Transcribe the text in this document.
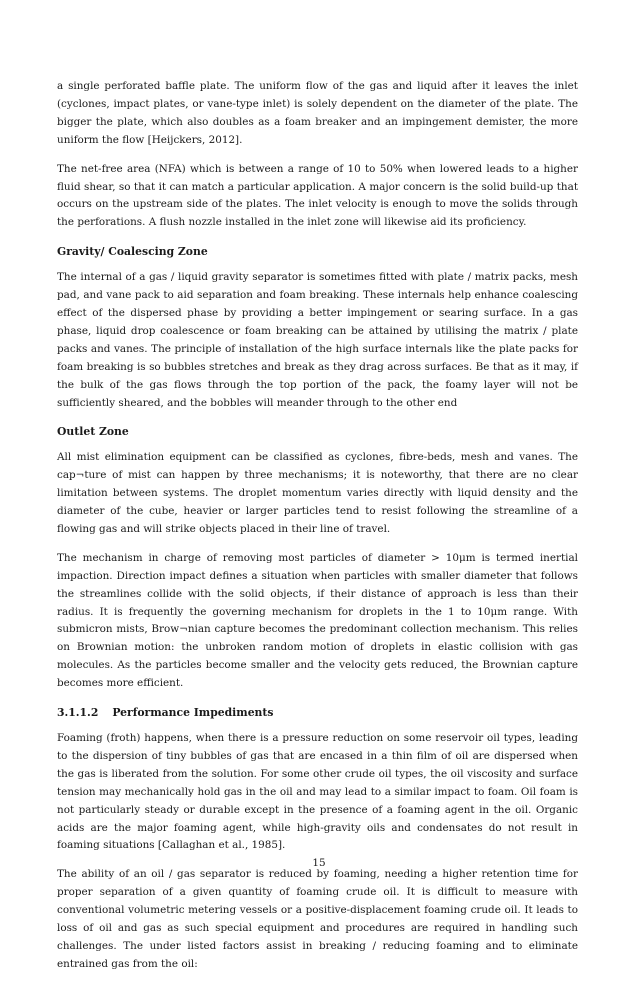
a single perforated baffle plate. The uniform flow of the gas and liquid after it leaves the inlet (cyclones, impact plates, or vane-type inlet) is solely dependent on the diameter of the plate. The bigger the plate, which also doubles as a foam breaker and an impingement demister, the more uniform the flow [Heijckers, 2012].

The net-free area (NFA) which is between a range of 10 to 50% when lowered leads to a higher fluid shear, so that it can match a particular application. A major concern is the solid build-up that occurs on the upstream side of the plates. The inlet velocity is enough to move the solids through the perforations. A flush nozzle installed in the inlet zone will likewise aid its proficiency.

Gravity/ Coalescing Zone

The internal of a gas / liquid gravity separator is sometimes fitted with plate / matrix packs, mesh pad, and vane pack to aid separation and foam breaking. These internals help enhance coalescing effect of the dispersed phase by providing a better impingement or searing surface. In a gas phase, liquid drop coalescence or foam breaking can be attained by utilising the matrix / plate packs and vanes. The principle of installation of the high surface internals like the plate packs for foam breaking is so bubbles stretches and break as they drag across surfaces. Be that as it may, if the bulk of the gas flows through the top portion of the pack, the foamy layer will not be sufficiently sheared, and the bobbles will meander through to the other end

Outlet Zone

All mist elimination equipment can be classified as cyclones, fibre-beds, mesh and vanes. The cap¬ture of mist can happen by three mechanisms; it is noteworthy, that there are no clear limitation between systems. The droplet momentum varies directly with liquid density and the diameter of the cube, heavier or larger particles tend to resist following the streamline of a flowing gas and will strike objects placed in their line of travel.

The mechanism in charge of removing most particles of diameter > 10μm is termed inertial impaction. Direction impact defines a situation when particles with smaller diameter that follows the streamlines collide with the solid objects, if their distance of approach is less than their radius. It is frequently the governing mechanism for droplets in the 1 to 10μm range. With submicron mists, Brow¬nian capture becomes the predominant collection mechanism. This relies on Brownian motion: the unbroken random motion of droplets in elastic collision with gas molecules. As the particles become smaller and the velocity gets reduced, the Brownian capture becomes more efficient.

3.1.1.2 Performance Impediments

Foaming (froth) happens, when there is a pressure reduction on some reservoir oil types, leading to the dispersion of tiny bubbles of gas that are encased in a thin film of oil are dispersed when the gas is liberated from the solution. For some other crude oil types, the oil viscosity and surface tension may mechanically hold gas in the oil and may lead to a similar impact to foam. Oil foam is not particularly steady or durable except in the presence of a foaming agent in the oil. Organic acids are the major foaming agent, while high-gravity oils and condensates do not result in foaming situations [Callaghan et al., 1985].

The ability of an oil / gas separator is reduced by foaming, needing a higher retention time for proper separation of a given quantity of foaming crude oil. It is difficult to measure with conventional volumetric metering vessels or a positive-displacement foaming crude oil. It leads to loss of oil and gas as such special equipment and procedures are required in handling such challenges. The under listed factors assist in breaking / reducing foaming and to eliminate entrained gas from the oil:

15
